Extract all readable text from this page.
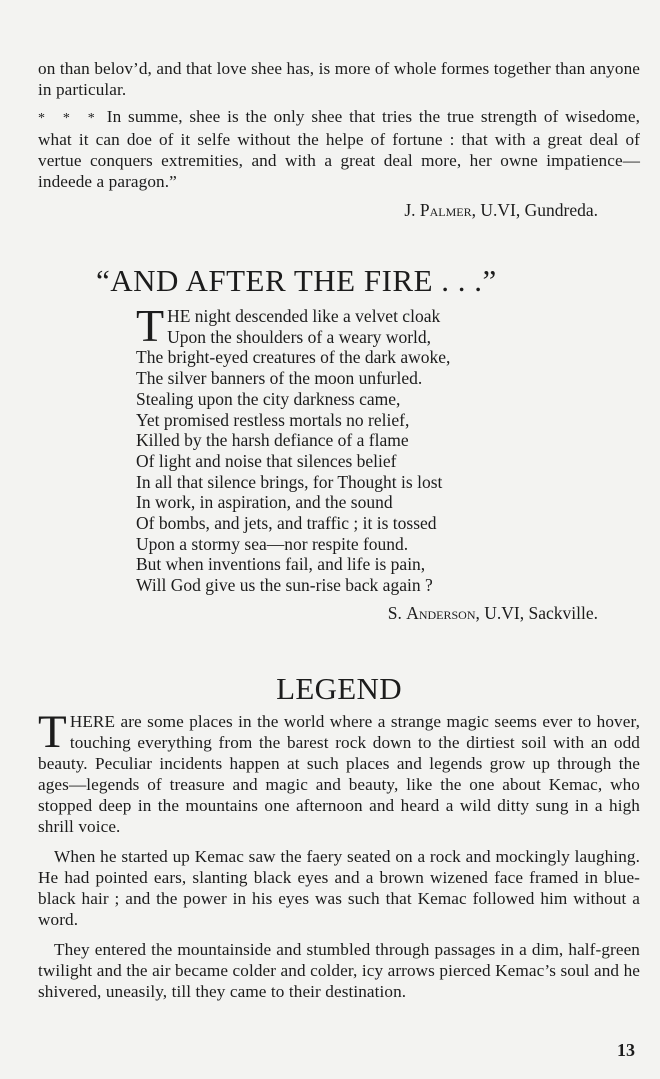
on than belov’d, and that love shee has, is more of whole formes together than anyone in particular.

* * * In summe, shee is the only shee that tries the true strength of wisedome, what it can doe of it selfe without the helpe of fortune : that with a great deal of vertue conquers extremities, and with a great deal more, her owne impatience—indeede a paragon.”

J. Palmer, U.VI, Gundreda.
“AND AFTER THE FIRE . . .”
T HE night descended like a velvet cloak
Upon the shoulders of a weary world,
The bright-eyed creatures of the dark awoke,
The silver banners of the moon unfurled.
Stealing upon the city darkness came,
Yet promised restless mortals no relief,
Killed by the harsh defiance of a flame
Of light and noise that silences belief
In all that silence brings, for Thought is lost
In work, in aspiration, and the sound
Of bombs, and jets, and traffic ; it is tossed
Upon a stormy sea—nor respite found.
But when inventions fail, and life is pain,
Will God give us the sun-rise back again ?
S. Anderson, U.VI, Sackville.
LEGEND

THERE are some places in the world where a strange magic seems ever to hover, touching everything from the barest rock down to the dirtiest soil with an odd beauty. Peculiar incidents happen at such places and legends grow up through the ages—legends of treasure and magic and beauty, like the one about Kemac, who stopped deep in the mountains one afternoon and heard a wild ditty sung in a high shrill voice.

When he started up Kemac saw the faery seated on a rock and mockingly laughing. He had pointed ears, slanting black eyes and a brown wizened face framed in blue-black hair ; and the power in his eyes was such that Kemac followed him without a word.

They entered the mountainside and stumbled through passages in a dim, half-green twilight and the air became colder and colder, icy arrows pierced Kemac’s soul and he shivered, uneasily, till they came to their destination.

13
